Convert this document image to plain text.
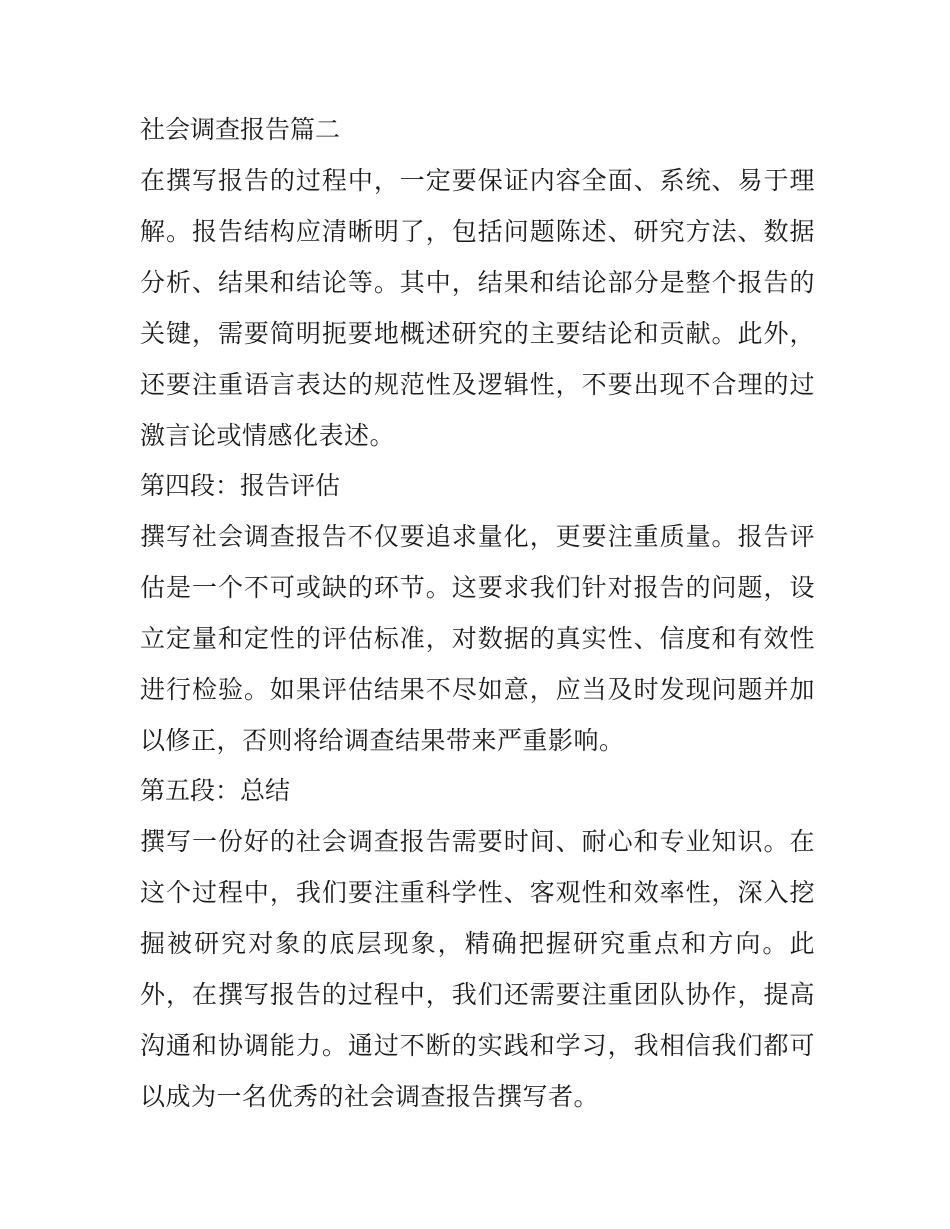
社会调查报告篇二

在撰写报告的过程中，一定要保证内容全面、系统、易于理解。报告结构应清晰明了，包括问题陈述、研究方法、数据分析、结果和结论等。其中，结果和结论部分是整个报告的关键，需要简明扼要地概述研究的主要结论和贡献。此外，还要注重语言表达的规范性及逻辑性，不要出现不合理的过激言论或情感化表述。

第四段：报告评估

撰写社会调查报告不仅要追求量化，更要注重质量。报告评估是一个不可或缺的环节。这要求我们针对报告的问题，设立定量和定性的评估标准，对数据的真实性、信度和有效性进行检验。如果评估结果不尽如意，应当及时发现问题并加以修正，否则将给调查结果带来严重影响。

第五段：总结

撰写一份好的社会调查报告需要时间、耐心和专业知识。在这个过程中，我们要注重科学性、客观性和效率性，深入挖掘被研究对象的底层现象，精确把握研究重点和方向。此外，在撰写报告的过程中，我们还需要注重团队协作，提高沟通和协调能力。通过不断的实践和学习，我相信我们都可以成为一名优秀的社会调查报告撰写者。
